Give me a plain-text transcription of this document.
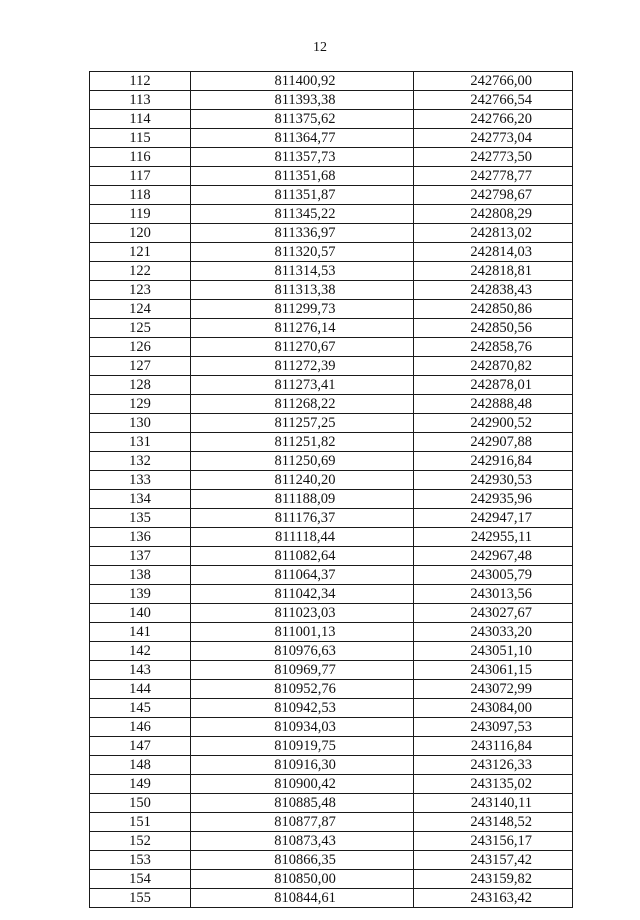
12
112	811400,92	242766,00
113	811393,38	242766,54
114	811375,62	242766,20
115	811364,77	242773,04
116	811357,73	242773,50
117	811351,68	242778,77
118	811351,87	242798,67
119	811345,22	242808,29
120	811336,97	242813,02
121	811320,57	242814,03
122	811314,53	242818,81
123	811313,38	242838,43
124	811299,73	242850,86
125	811276,14	242850,56
126	811270,67	242858,76
127	811272,39	242870,82
128	811273,41	242878,01
129	811268,22	242888,48
130	811257,25	242900,52
131	811251,82	242907,88
132	811250,69	242916,84
133	811240,20	242930,53
134	811188,09	242935,96
135	811176,37	242947,17
136	811118,44	242955,11
137	811082,64	242967,48
138	811064,37	243005,79
139	811042,34	243013,56
140	811023,03	243027,67
141	811001,13	243033,20
142	810976,63	243051,10
143	810969,77	243061,15
144	810952,76	243072,99
145	810942,53	243084,00
146	810934,03	243097,53
147	810919,75	243116,84
148	810916,30	243126,33
149	810900,42	243135,02
150	810885,48	243140,11
151	810877,87	243148,52
152	810873,43	243156,17
153	810866,35	243157,42
154	810850,00	243159,82
155	810844,61	243163,42
